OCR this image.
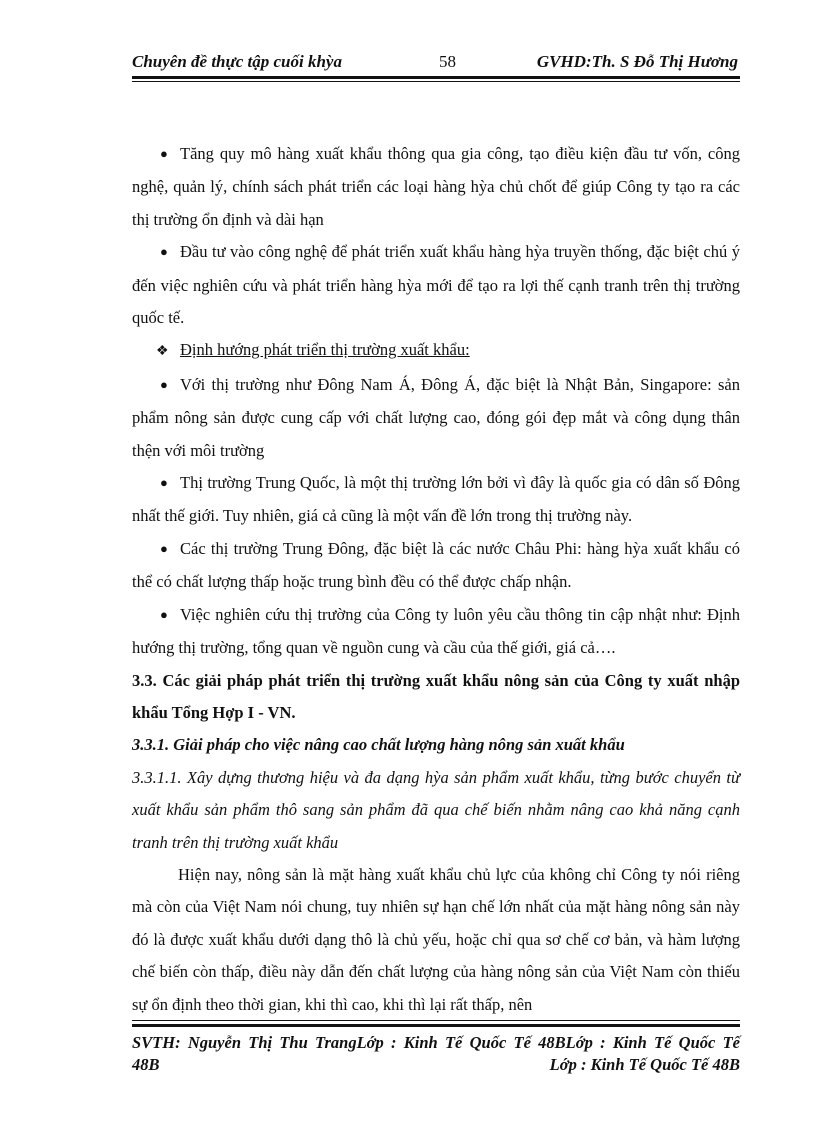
Chuyên đề thực tập cuối khỳa	58	GVHD:Th. S Đỗ Thị Hương

● Tăng quy mô hàng xuất khẩu thông qua gia công, tạo điều kiện đầu tư vốn, công nghệ, quản lý, chính sách phát triển các loại hàng hỳa chủ chốt để giúp Công ty tạo ra các thị trường ổn định và dài hạn

● Đầu tư vào công nghệ để phát triển xuất khẩu hàng hỳa truyền thống, đặc biệt chú ý đến việc nghiên cứu và phát triển hàng hỳa mới để tạo ra lợi thế cạnh tranh trên thị trường quốc tế.

❖ Định hướng phát triển thị trường xuất khẩu:

● Với thị trường như Đông Nam Á, Đông Á, đặc biệt là Nhật Bản, Singapore: sản phẩm nông sản được cung cấp với chất lượng cao, đóng gói đẹp mắt và công dụng thân thện với môi trường

● Thị trường Trung Quốc, là một thị trường lớn bởi vì đây là quốc gia có dân số Đông nhất thế giới. Tuy nhiên, giá cả cũng là một vấn đề lớn trong thị trường này.

● Các thị trường Trung Đông, đặc biệt là các nước Châu Phi: hàng hỳa xuất khẩu có thể có chất lượng thấp hoặc trung bình đều có thể được chấp nhận.

● Việc nghiên cứu thị trường của Công ty luôn yêu cầu thông tin cập nhật như: Định hướng thị trường, tổng quan về nguồn cung và cầu của thế giới, giá cả….

3.3. Các giải pháp phát triển thị trường xuất khẩu nông sản của Công ty xuất nhập khẩu Tổng Hợp I - VN.

3.3.1. Giải pháp cho việc nâng cao chất lượng hàng nông sản xuất khẩu

3.3.1.1. Xây dựng thương hiệu và đa dạng hỳa sản phẩm xuất khẩu, từng bước chuyển từ xuất khẩu sản phẩm thô sang sản phẩm đã qua chế biến nhằm nâng cao khả năng cạnh tranh trên thị trường xuất khẩu

Hiện nay, nông sản là mặt hàng xuất khẩu chủ lực của không chỉ Công ty nói riêng mà còn của Việt Nam nói chung, tuy nhiên sự hạn chế lớn nhất của mặt hàng nông sản này đó là được xuất khẩu dưới dạng thô là chủ yếu, hoặc chỉ qua sơ chế cơ bản, và hàm lượng chế biến còn thấp, điều này dẫn đến chất lượng của hàng nông sản của Việt Nam còn thiếu sự ổn định theo thời gian, khi thì cao, khi thì lại rất thấp, nên

SVTH: Nguyễn Thị Thu TrangLớp : Kinh Tế Quốc Tế 48BLớp : Kinh Tế Quốc Tế
48B	Lớp : Kinh Tế Quốc Tế 48B
